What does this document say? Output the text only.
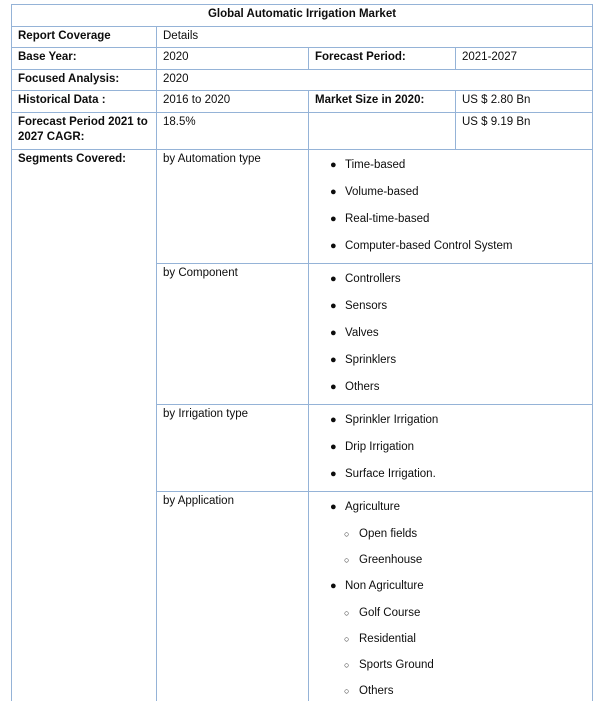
Global Automatic Irrigation Market			
Report Coverage	Details		
Base Year:	2020	Forecast Period:	2021-2027
Focused Analysis:	2020		
Historical Data :	2016 to 2020	Market Size in 2020:	US $ 2.80 Bn
Forecast Period 2021 to 2027 CAGR:	18.5%		US $ 9.19 Bn
Segments Covered:	by Automation type	● Time-based
● Volume-based
● Real-time-based
● Computer-based Control System

by Component	● Controllers
● Sensors
● Valves
● Sprinklers
● Others

by Irrigation type	● Sprinkler Irrigation
● Drip Irrigation
● Surface Irrigation.

by Application	● Agriculture
○ Open fields
○ Greenhouse
● Non Agriculture
○ Golf Course
○ Residential
○ Sports Ground
○ Others
